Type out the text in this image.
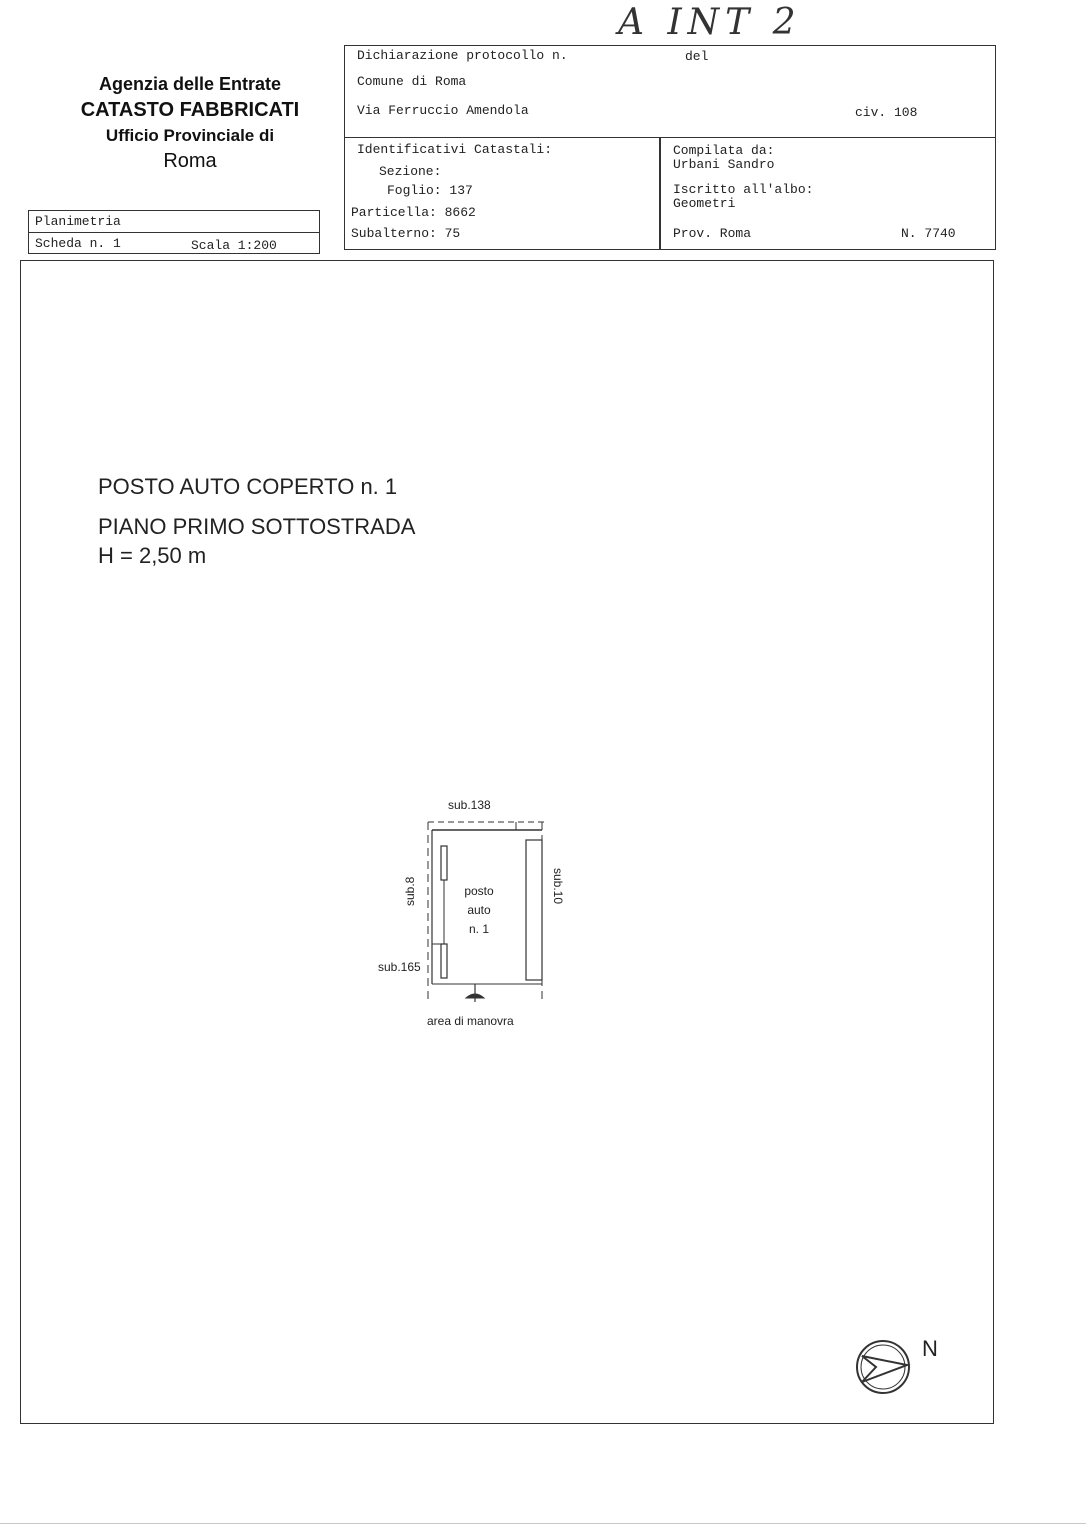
A INT 2
Agenzia delle Entrate
CATASTO FABBRICATI
Ufficio Provinciale di
Roma
Planimetria
Scheda n. 1	Scala 1:200
Dichiarazione protocollo n.	del
Comune di Roma
Via Ferruccio Amendola	civ. 108
Identificativi Catastali:
Sezione:
Foglio: 137
Particella: 8662
Subalterno: 75
Compilata da:
Urbani Sandro
Iscritto all'albo:
Geometri
Prov. Roma	N. 7740
POSTO AUTO COPERTO n. 1
PIANO PRIMO SOTTOSTRADA
H = 2,50 m
sub.138
sub.8	sub.10
sub.165
posto
auto
n. 1
area di manovra
N
